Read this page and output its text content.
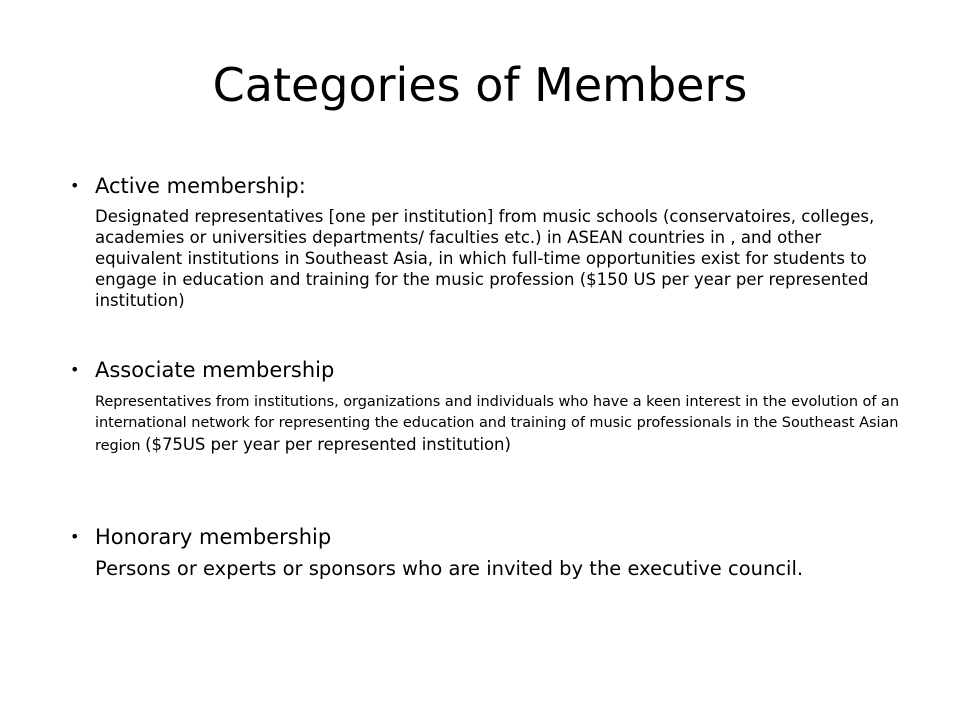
Categories of Members
• Active membership:
Designated representatives [one per institution] from music schools (conservatoires, colleges, academies or universities departments/ faculties etc.) in ASEAN countries in , and other equivalent institutions in Southeast Asia, in which full-time opportunities exist for students to engage in education and training for the music profession ($150 US per year per represented institution)
• Associate membership
Representatives from institutions, organizations and individuals who have a keen interest in the evolution of an international network for representing the education and training of music professionals in the Southeast Asian region ($75US per year per represented institution)
• Honorary membership
Persons or experts or sponsors who are invited by the executive council.
